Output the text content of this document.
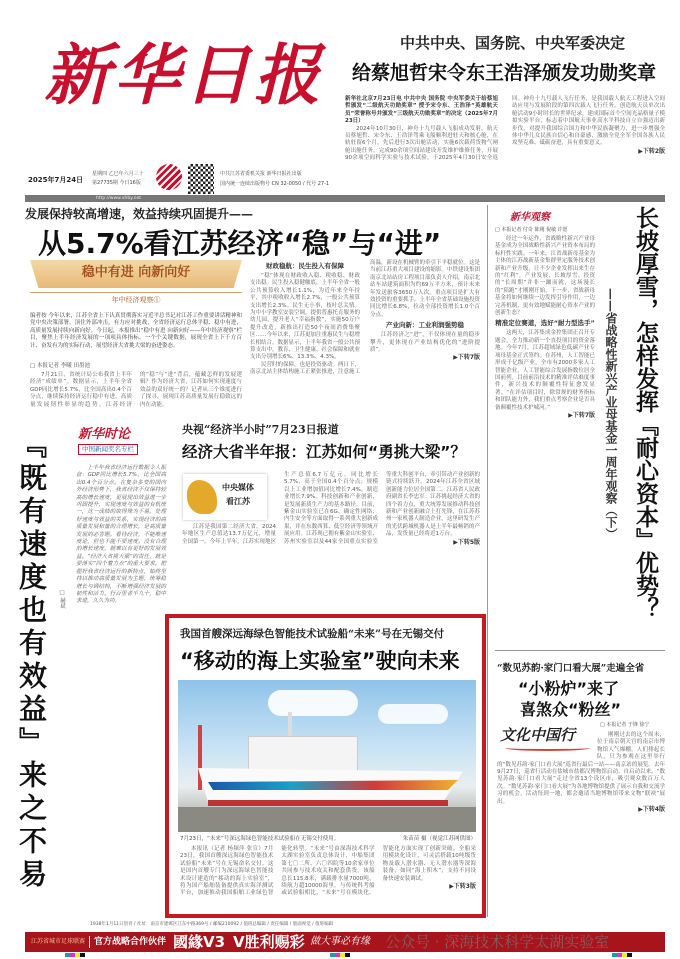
新华日报
2025年7月24日
星期四 乙巳年六月三十
第27735期 今日16版
中共江苏省委机关报 新华日报社出版
国内统一连续出版物号 CN 32-0050 / 代号 27-1
http://www.xhby.net
中共中央、国务院、中央军委决定
给蔡旭哲宋令东王浩泽颁发功勋奖章
新华社北京7月23日电 中共中央 国务院 中央军委关于给蔡旭哲颁发“二级航天功勋奖章” 授予宋令东、王浩泽“英雄航天员”荣誉称号并颁发“三级航天功勋奖章”的决定（2025年7月23日）

2024年10月30日，神舟十九号载人飞船成功发射，航天员蔡旭哲、宋令东、王浩泽驾乘飞船顺利进驻天和核心舱，在轨驻留6个月，先后进行3次出舱活动，实施6次载荷货物气闸舱出舱任务，完成90余项空间站建设开发维护维修任务，开展90余项空间科学实验与技术试验，于2025年4月30日安全返回。神舟十九号载人飞行任务，是我国载人航天工程进入空间站应用与发展阶段的第四次载人飞行任务，创造航天员单次出舱活动9小时时长的世界纪录，建成国际首个空间光晶格量子模拟实验平台，标志着中国航天事业高水平科技自立自强迈出新步伐，对提升我国综合国力和中华民族凝聚力，进一步增强全体中华儿女民族自信心和自豪感，激励全党全军全国各族人民攻坚克难、砥砺奋进，具有重要意义。

▶下转2版
发展保持较高增速，效益持续巩固提升——
从5.7%看江苏经济“稳”与“进”
稳中有进 向新向好
年中经济观察①
编者按 今年以来，江苏全省上下认真贯彻落实习近平总书记对江苏工作重要讲话精神和党中央决策部署，顶住外部冲击，有力应对挑战，全省经济运行总体平稳、稳中有进，高质量发展持续向新向好。今日起，本报推出“稳中有进 向新向好——年中经济观察”栏目，聚焦上半年经济发展的一项项具体指标、一个个关键数据，展现全省上下千方百计、奋发有为的实际行动，展望经济大省挑大梁的奋进姿态。
□ 本报记者 李曦 田墨池

7月21日，省统计局公布我省上半年经济“成绩单”。数据显示，上半年全省GDP同比增长5.7%，比全国高出0.4个百分点，继续保持经济运行稳中有进、高质量发展韧性彰显的趋势。江苏经济的“稳”与“进”背后，蕴藏怎样的发展逻辑？作为经济大省，江苏如何实现速度与效益的双好统一的？记者从三个维度进行了探寻，展现江苏高质量发展行稳致远的内在动能。

财政稳航：民生投入有保障

“稳”体现在财政收入稳、税收稳、财政支出稳。民生投入稳健触底，上半年全省一般公共预算收入增长1.1%，为近年来全年持平，其中税收收入增长2.7%，一般公共预算支出增长2.3%。民生无小事，枝叶总关情。为中小学教室安装空调，提供普惠托育服务的幼儿园，提升老人“幸福指数”，实施50万户提升改造，新推出打造50个夜间消费集聚区……今年以来，江苏更加注重惠民生与稳增长相结合。数据显示，上半年我省一般公共预算支出中，教育、卫生健康、社会保障和就业支出分别增长6%、13.3%、4.3%。

民营时的保障，也是投资驱动。两日下，南京北站主体结构施工正紧张推进，注意施工高温，新设在机械臂的牵引下平稳就位。这是当前江苏重大项目建设的缩影。中铁建设集团南京北站站房工程项目部负责人介绍，南京北站车站建筑面积为约69万平方米，预计未来年发送旅客3650万人次。重点项目是扩大有效投资的重要抓手。上半年全省基础设施投资同比增长6.8%，拉动全部投资增长1.0个百分点。

产业向新：工业利润强势稳

江苏经济之“进”，不仅体现在量的稳步攀升，更体现在产业结构优化的“进阶提质”。

▶下转7版
新华观察
□ 本报记者 付奇 陈刚 倪敏 许愿

经过一年运作，省战略性新兴产业母基金成为全国战略性新兴产业资本布局的标杆性实践。一年来，江省战新母基金为主体的江苏战新基金集群坚定服务技术创新和产业升级，让不少企业发挥出来生存的“红利”。产业发展，长坡厚雪。投资的“长周期”并非一蹴而就，这场漫长的“陪跑”才刚刚开始，下一步，省战新母基金将如何继续一边发挥引导作用，一边完善机制，更有效地赋能耐心资本产业的创新生态？

精准定位赛道，选好“耐力型选手”

这两天，江苏集成金控集团正召开专题会，全力推动新一个直投项目的资金落地。今年7月，江苏超域绿色低碳产业专项母基金正式签约。在苏州，人工智能已形成千亿级产业，全市有2000多家人工智能企业，人工智能综合发展指数位居全国前列。目前前沿技术的精准评估难度事件，新兴技术的颠覆性特征愈发显著。“在评估项目时，除常规的财务指标和团队能力外，我们重点考察企业是否具备颠覆性技术护城河。”

▶下转7版 长坡厚雪，怎样发挥『耐心资本』优势？
——省战略性新兴产业母基金一周年观察（下）
『既有速度也有效益』来之不易 新华时论
中国新闻奖名专栏
□ 赫斌

上半年我省经济运行数据令人振奋：GDP同比增长5.7%，比全国高出0.4个百分点。在复杂多变的国内外经济形势下，我省经济不仅保持较高的增长速度，更展现出效益进一步巩固提升，实现速度与效益的有机统一，这一成绩的取得殊为不易。处理好速度与效益的关系，实现经济的高质量发展和量的合理增长，是高质量发展的必答题。看待经济，不能唯速度论，但也不能不要速度。没有合理的增长速度，就难以有更好的发展效益。“经济大省挑大梁”的责任，就是要落实“四个着力点”的重大要求。把握好我省经济运行的新特点，始终坚持以推动高质量发展为主题，统筹稳增长与调结构，不断增强经济发展的韧性和活力。行百里者半九十，稳中求进，久久为功。

央视“经济半小时”7月23日报道
经济大省半年报：江苏如何“勇挑大梁”？
中央媒体看江苏

江苏是我国第二经济大省。2024年地区生产总值达13.7万亿元，增量全国第一。今年上半年，江苏实现地区生产总值6.7万亿元，同比增长5.7%，高于全国0.4个百分点；规模以上工业增加值同比增长7.4%，制造业增长7.9%。科技创新和产业创新，是发展新质生产力的基本路径。目前，紫金山实验室已在6G、确定性网络、内生安全等方面取得一系列重大创新成果，并在东数西算、低空经济等领域开展应用。江苏现已拥有紫金山实验室、苏州实验室以及44家全国重点实验室等重大科创平台，牵引带动产业创新的链式持续跃升。2024年江苏全省区域创新能力位居全国第二。江苏省人民政府副省长李忠军：江苏挑起经济大省的四个着力点，重大统筹发展推动科技创新和产业创新融合上打先锋，在江苏苏州一家机器人制造企业，这里研发生产的光伏跨城机器人是上半年最畅销的产品，发货量已经将近1万台。

▶下转5版
我国首艘深远海绿色智能技术试验船“未来”号在无锡交付
“移动的海上实验室”驶向未来
7月23日，“未来”号深远海绿色智能技术试验船在无锡交付使用。	朱苗苗 摄（视觉江苏网供图）

本报讯（记者 杨频萍 张宣）7月23日，我国首艘深远海绿色智能技术试验船“未来”号在无锡命名交付。这是国内首艘专门为深远海绿色智能技术设计建造的“移动的海上实验室”，将为国产船舶装备提供真实海洋测试平台，加速推动我国船舶工业绿色智能化转型。“未来”号由深海技术科学太湖实验室负责总体设计，中船集团第七〇二所、六〇四院等10余家单位共同参与技术攻关和配套供货。该船总长115.8米，满载排水量7000吨，续航力超10000海里。与传统科考船或试验船相比，“未来”号在模块化、智能化方面实现了创新突破。全船采用模块化设计，可灵活搭载10吨级货物及载人潜水器、无人潜水器等深海装备，如同“海上积木”，支持不同设备快速安装调试。

▶下转3版
“数见苏韵·家门口看大展”走遍全省
“小粉炉”来了
喜煞众“粉丝”
文化中国行
□ 本报记者 于锋 徐宁

刚刚过去的这个周末，位于南京朝天宫的南京市博物馆人气爆棚，人们排起长队，只为参观在这里举行的“数见苏韵·家门口看大展”巡省行最后一站——南京站的展览。去年9月27日，巡省行活动在盐城市盐都汉博物馆启动。自启动以来，“数见苏韵·家门口看大展”走过全省13个设区市，吸引观众数百万人次。“数见苏韵·家门口看大展”为各地博物馆提供了展示自我和交流学习的机会。活动每到一地，都会邀请当地博物馆带来文物“联袂”展出。

▶下转4版
1938年1月11日创刊 / 社址：南京市建邺区江东中路369号 / 邮编210092 / 值班总编辑 / 责任编辑 / 版面视觉 / 值班编辑
江苏省城市足球联赛 官方战略合作伙伴 國緣V3 V胜利赐彩 做大事必有缘 公众号 · 深海技术科学太湖实验室
